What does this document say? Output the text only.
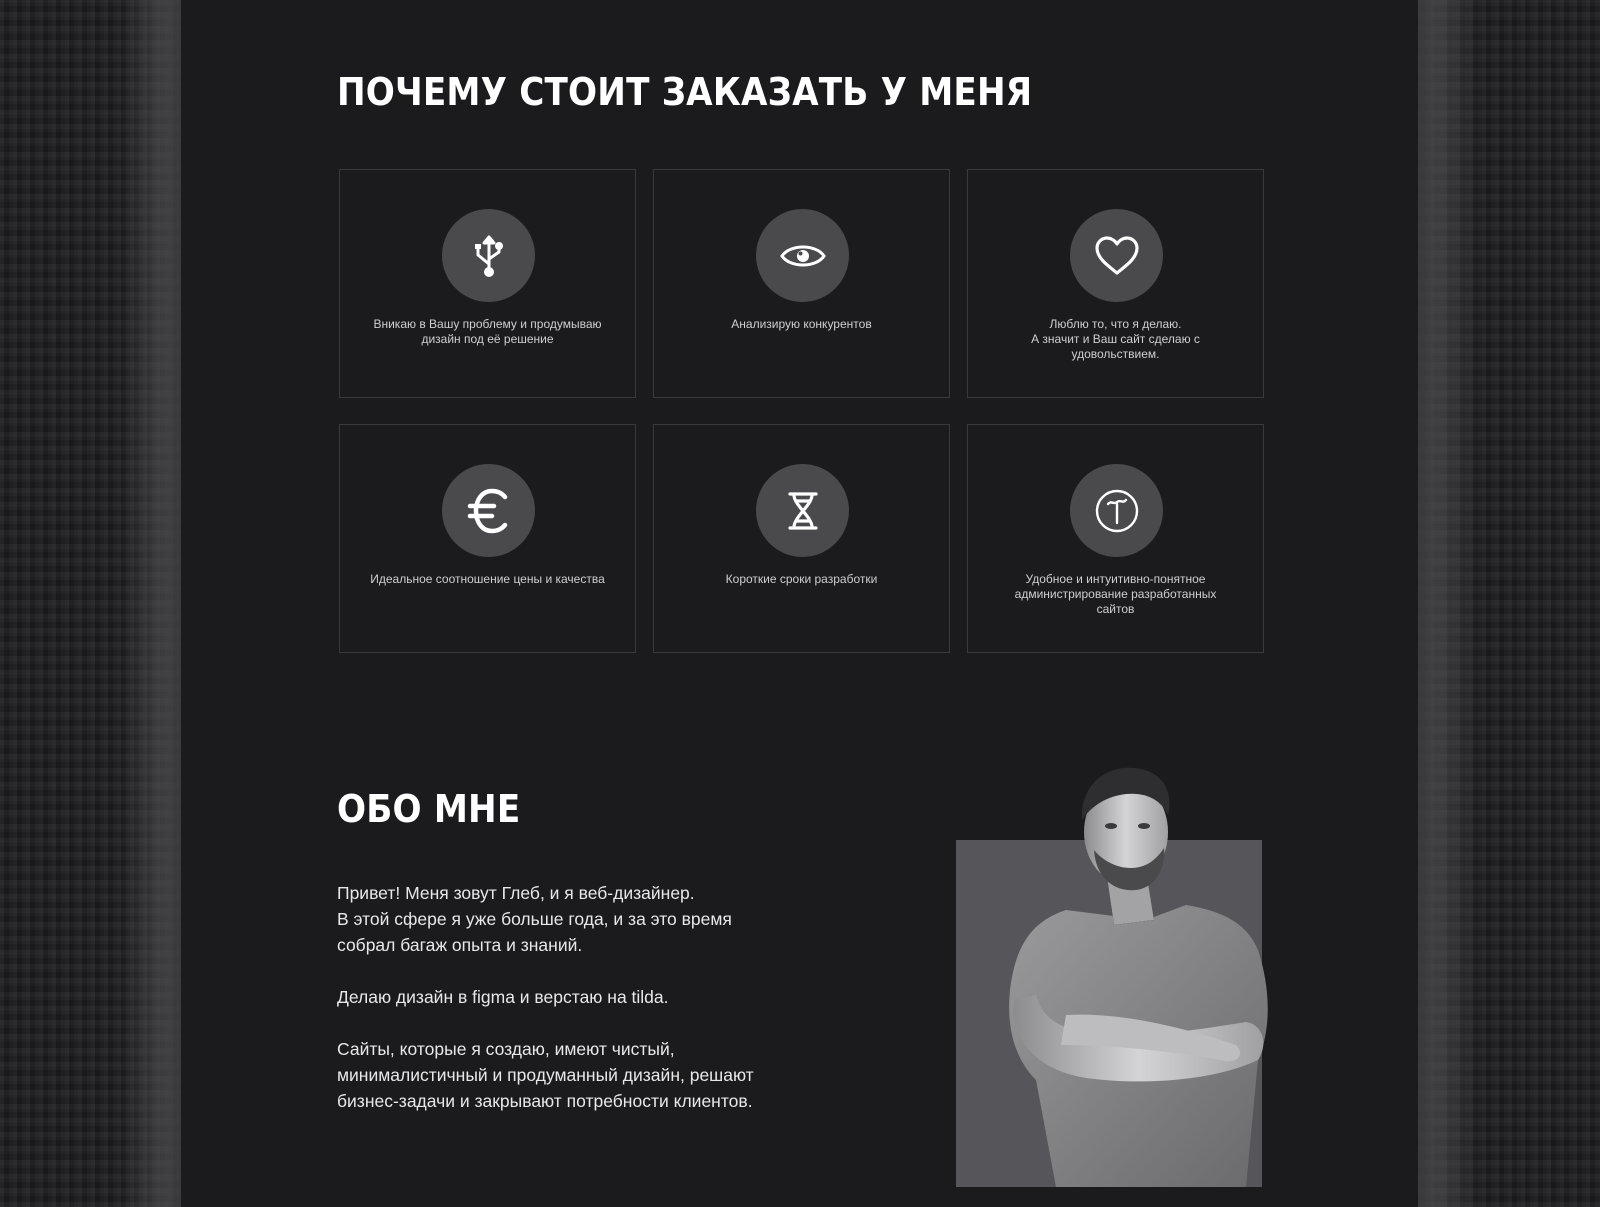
ПОЧЕМУ СТОИТ ЗАКАЗАТЬ У МЕНЯ
Вникаю в Вашу проблему и продумываю
дизайн под её решение
Анализирую конкурентов	Люблю то, что я делаю.
А значит и Ваш сайт сделаю с
удовольствием.
Идеальное соотношение цены и качества	Короткие сроки разработки	Удобное и интуитивно-понятное
администрирование разработанных
сайтов
ОБО МНЕ

Привет! Меня зовут Глеб, и я веб-дизайнер.
В этой сфере я уже больше года, и за это время
собрал багаж опыта и знаний.

Делаю дизайн в figma и верстаю на tilda.

Сайты, которые я создаю, имеют чистый,
минималистичный и продуманный дизайн, решают
бизнес-задачи и закрывают потребности клиентов.
